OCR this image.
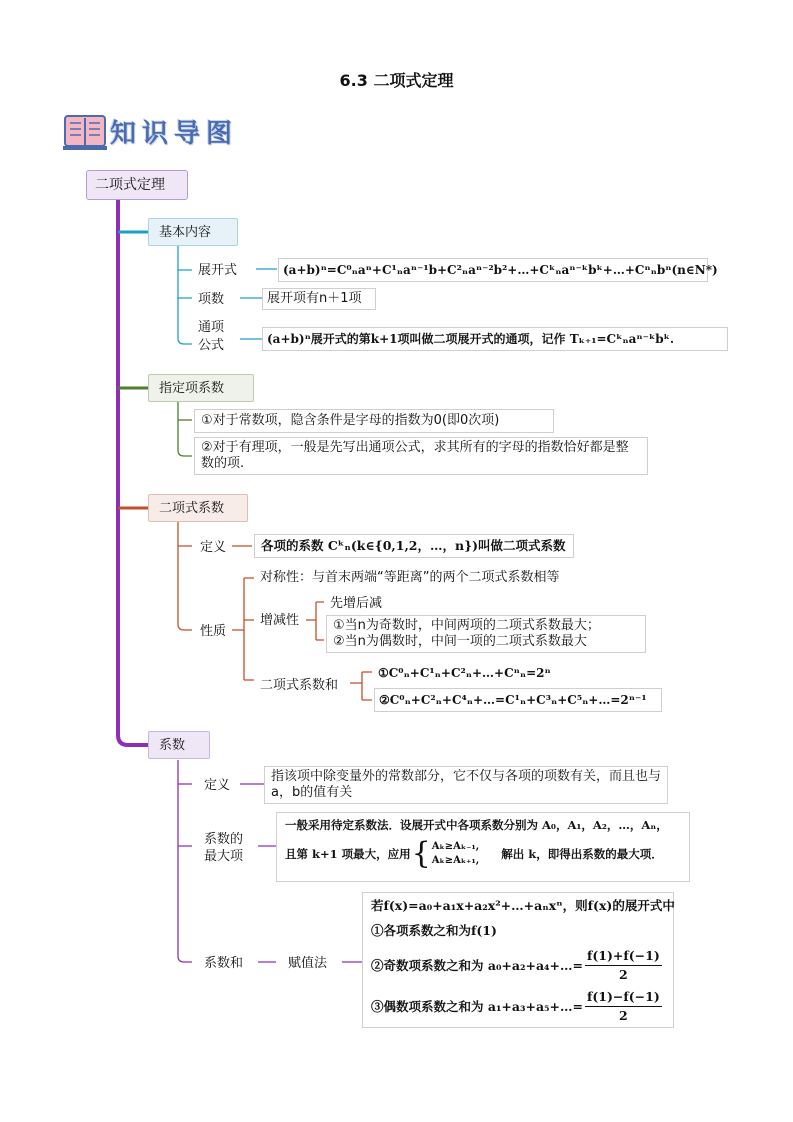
6.3 二项式定理
知识导图
二项式定理
基本内容
展开式	(a+b)ⁿ=C⁰ₙaⁿ+C¹ₙaⁿ⁻¹b+C²ₙaⁿ⁻²b²+…+Cᵏₙaⁿ⁻ᵏbᵏ+…+Cⁿₙbⁿ(n∈N*)
项数	展开项有n＋1项
通项
公式	(a+b)ⁿ展开式的第k+1项叫做二项展开式的通项，记作 Tₖ₊₁=Cᵏₙaⁿ⁻ᵏbᵏ.
指定项系数
①对于常数项，隐含条件是字母的指数为0(即0次项)
②对于有理项，一般是先写出通项公式，求其所有的字母的指数恰好都是整数的项.
二项式系数
定义	各项的系数 Cᵏₙ(k∈{0,1,2，…，n})叫做二项式系数
性质
对称性：与首末两端“等距离”的两个二项式系数相等
增减性
先增后减
①当n为奇数时，中间两项的二项式系数最大；
②当n为偶数时，中间一项的二项式系数最大
二项式系数和
①C⁰ₙ+C¹ₙ+C²ₙ+…+Cⁿₙ=2ⁿ
②C⁰ₙ+C²ₙ+C⁴ₙ+…=C¹ₙ+C³ₙ+C⁵ₙ+…=2ⁿ⁻¹
系数
定义
指该项中除变量外的常数部分，它不仅与各项的项数有关，而且也与a，b的值有关
系数的
最大项
一般采用待定系数法．设展开式中各项系数分别为 A₀，A₁，A₂，…，Aₙ，
且第 k+1 项最大，应用 { Aₖ≥Aₖ₋₁,
Aₖ≥Aₖ₊₁, 解出 k，即得出系数的最大项．
系数和	赋值法
若f(x)=a₀+a₁x+a₂x²+…+aₙxⁿ，则f(x)的展开式中
①各项系数之和为f(1)
②奇数项系数之和为 a₀+a₂+a₄+…= $\frac{f(1)+f(-1)}{2}$
③偶数项系数之和为 a₁+a₃+a₅+…= $\frac{f(1)-f(-1)}{2}$
